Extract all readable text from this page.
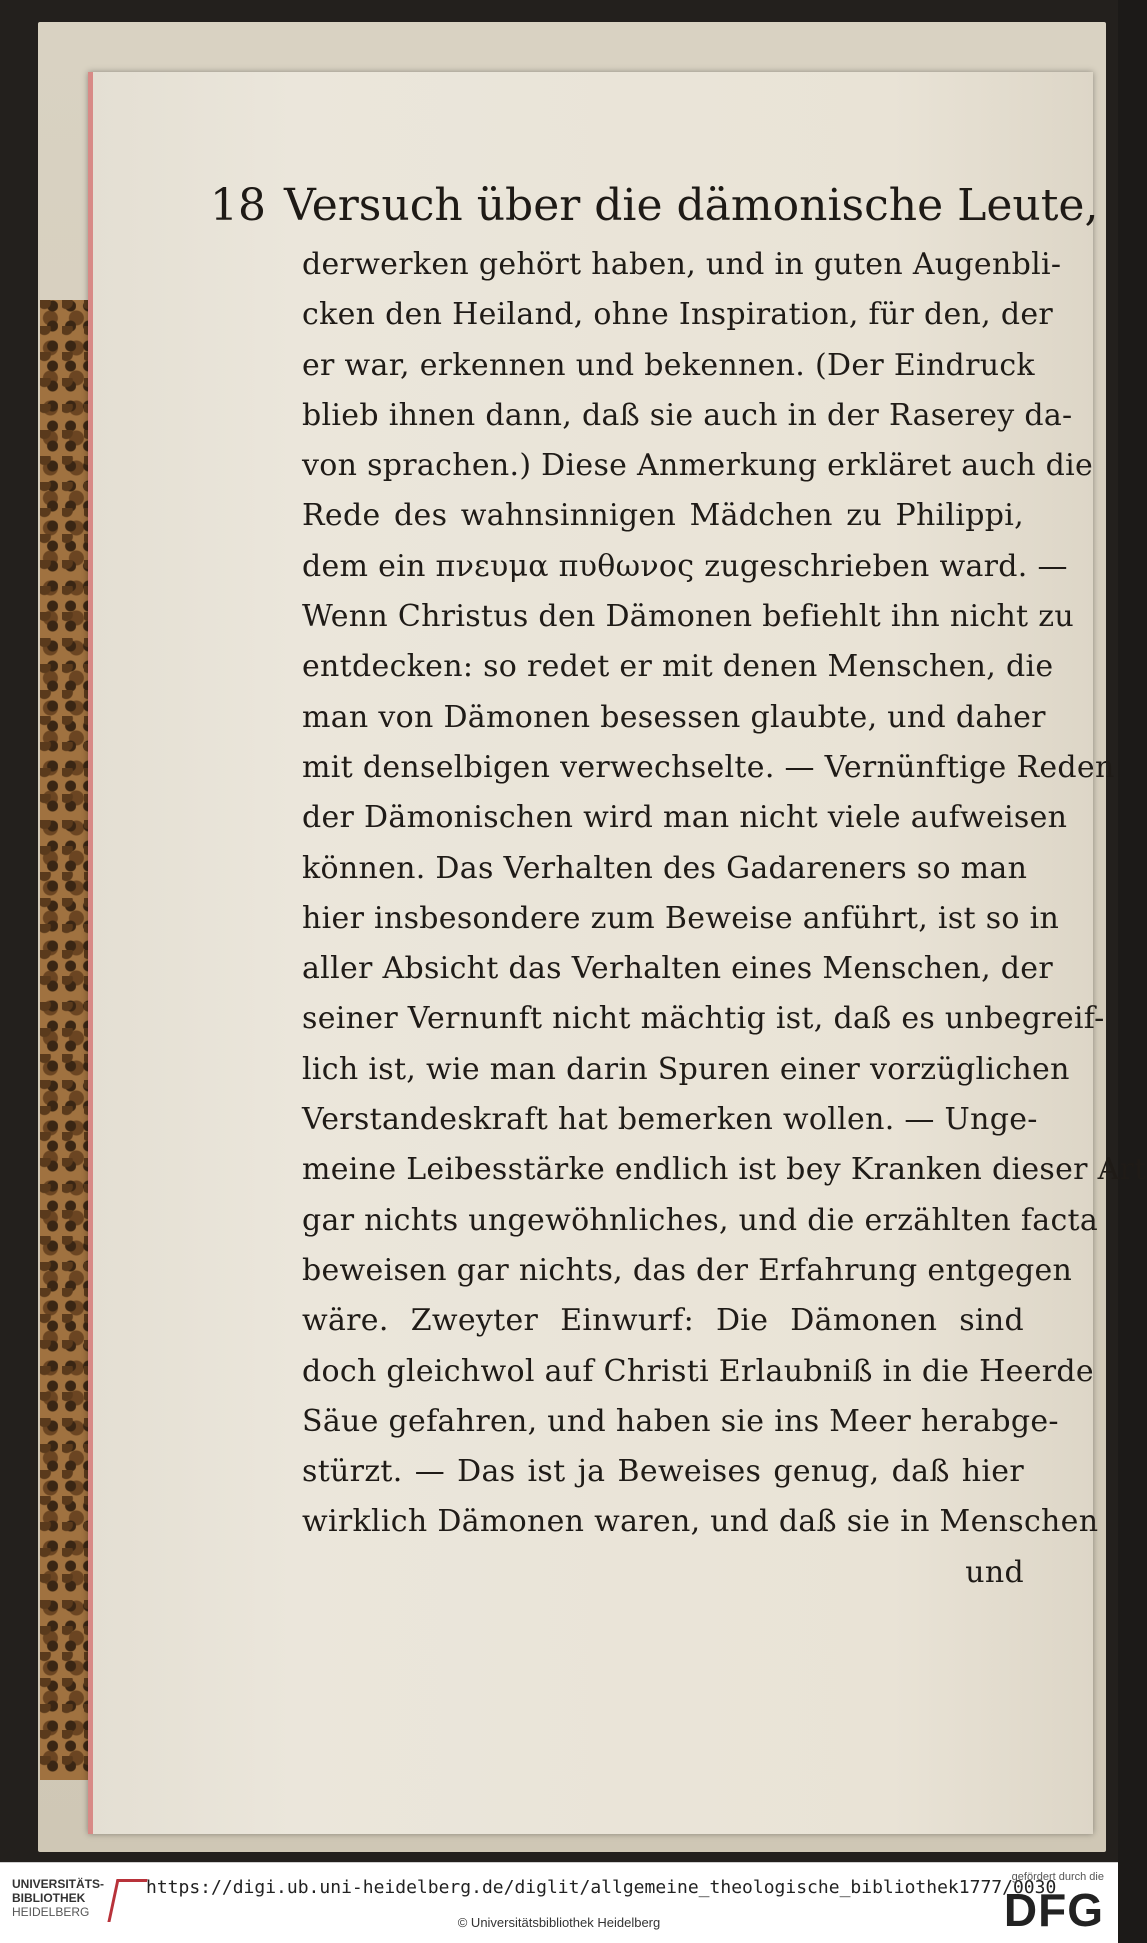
18 Versuch über die dämonische Leute,
derwerken gehört haben, und in guten Augenbli-
cken den Heiland, ohne Inspiration, für den, der
er war, erkennen und bekennen. (Der Eindruck
blieb ihnen dann, daß sie auch in der Raserey da-
von sprachen.) Diese Anmerkung erkläret auch die
Rede des wahnsinnigen Mädchen zu Philippi,
dem ein πνευμα πυθωνος zugeschrieben ward. —
Wenn Christus den Dämonen befiehlt ihn nicht zu
entdecken: so redet er mit denen Menschen, die
man von Dämonen besessen glaubte, und daher
mit denselbigen verwechselte. — Vernünftige Reden
der Dämonischen wird man nicht viele aufweisen
können. Das Verhalten des Gadareners so man
hier insbesondere zum Beweise anführt, ist so in
aller Absicht das Verhalten eines Menschen, der
seiner Vernunft nicht mächtig ist, daß es unbegreif-
lich ist, wie man darin Spuren einer vorzüglichen
Verstandeskraft hat bemerken wollen. — Unge-
meine Leibesstärke endlich ist bey Kranken dieser Art
gar nichts ungewöhnliches, und die erzählten facta
beweisen gar nichts, das der Erfahrung entgegen
wäre. Zweyter Einwurf: Die Dämonen sind
doch gleichwol auf Christi Erlaubniß in die Heerde
Säue gefahren, und haben sie ins Meer herabge-
stürzt. — Das ist ja Beweises genug, daß hier
wirklich Dämonen waren, und daß sie in Menschen
und
UNIVERSITÄTS-
BIBLIOTHEK
HEIDELBERG
https://digi.ub.uni-heidelberg.de/diglit/allgemeine_theologische_bibliothek1777/0030
© Universitätsbibliothek Heidelberg
gefördert durch die
DFG
